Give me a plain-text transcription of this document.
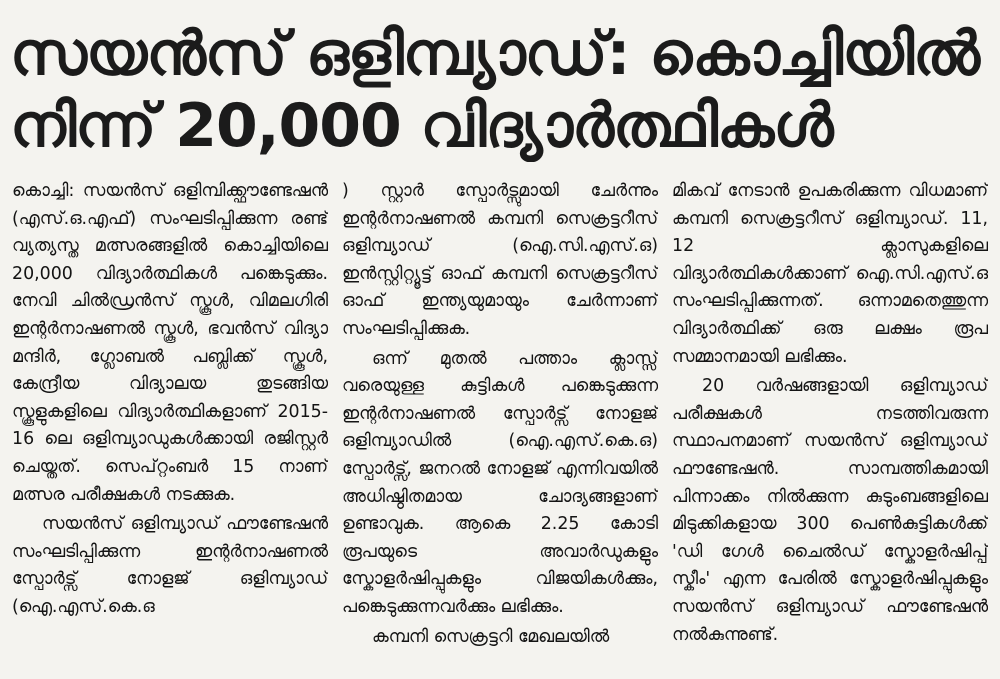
സയൻസ് ഒളിമ്പ്യാഡ്: കൊച്ചിയിൽ
നിന്ന് 20,000 വിദ്യാർത്ഥികൾ

കൊച്ചി: സയൻസ് ഒളിമ്പിക്ക്ഫൗണ്ടേഷൻ (എസ്.ഒ.എഫ്) സംഘടിപ്പിക്കുന്ന രണ്ട് വ്യത്യസ്ത മത്സരങ്ങളിൽ കൊച്ചിയിലെ 20,000 വിദ്യാർത്ഥികൾ പങ്കെടുക്കും. നേവി ചിൽഡ്രൻസ് സ്കൂൾ, വിമലഗിരി ഇന്റർനാഷണൽ സ്കൂൾ, ഭവൻസ് വിദ്യാ മന്ദിർ, ഗ്ലോബൽ പബ്ലിക്ക് സ്കൂൾ, കേന്ദ്രീയ വിദ്യാലയ തുടങ്ങിയ സ്കൂളുകളിലെ വിദ്യാർത്ഥികളാണ് 2015-16 ലെ ഒളിമ്പ്യാഡുകൾക്കായി രജിസ്റ്റർ ചെയ്തത്. സെപ്റ്റംബർ 15 നാണ് മത്സര പരീക്ഷകൾ നടക്കുക.

സയൻസ് ഒളിമ്പ്യാഡ് ഫൗണ്ടേഷൻ സംഘടിപ്പിക്കുന്ന ഇന്റർനാഷണൽ സ്പോർട്സ് നോളജ് ഒളിമ്പ്യാഡ് (ഐ.എസ്.കെ.ഒ

) സ്റ്റാർ സ്പോർട്സുമായി ചേർന്നും ഇന്റർനാഷണൽ കമ്പനി സെക്രട്ടറീസ് ഒളിമ്പ്യാഡ് (ഐ.സി.എസ്.ഒ) ഇൻസ്റ്റിറ്റ്യൂട്ട് ഓഫ് കമ്പനി സെക്രട്ടറീസ് ഓഫ് ഇന്ത്യയുമായും ചേർന്നാണ് സംഘടിപ്പിക്കുക.

ഒന്ന് മുതൽ പത്താം ക്ലാസ്സ് വരെയുള്ള കുട്ടികൾ പങ്കെടുക്കുന്ന ഇന്റർനാഷണൽ സ്പോർട്സ് നോളജ് ഒളിമ്പ്യാഡിൽ (ഐ.എസ്.കെ.ഒ) സ്പോർട്സ്, ജനറൽ നോളജ് എന്നിവയിൽ അധിഷ്ഠിതമായ ചോദ്യങ്ങളാണ് ഉണ്ടാവുക. ആകെ 2.25 കോടി രൂപയുടെ അവാർഡുകളും സ്കോളർഷിപ്പുകളും വിജയികൾക്കും, പങ്കെടുക്കുന്നവർക്കും ലഭിക്കും.

കമ്പനി സെക്രട്ടറി മേഖലയിൽ

മികവ് നേടാൻ ഉപകരിക്കുന്ന വിധമാണ് കമ്പനി സെക്രട്ടറീസ് ഒളിമ്പ്യാഡ്. 11, 12 ക്ലാസുകളിലെ വിദ്യാർത്ഥികൾക്കാണ് ഐ.സി.എസ്.ഒ സംഘടിപ്പിക്കുന്നത്. ഒന്നാമതെത്തുന്ന വിദ്യാർത്ഥിക്ക് ഒരു ലക്ഷം രൂപ സമ്മാനമായി ലഭിക്കും.

20 വർഷങ്ങളായി ഒളിമ്പ്യാഡ് പരീക്ഷകൾ നടത്തിവരുന്ന സ്ഥാപനമാണ് സയൻസ് ഒളിമ്പ്യാഡ് ഫൗണ്ടേഷൻ. സാമ്പത്തികമായി പിന്നാക്കം നിൽക്കുന്ന കുടുംബങ്ങളിലെ മിടുക്കികളായ 300 പെൺകുട്ടികൾക്ക് 'ഡി ഗേൾ ചൈൽഡ് സ്കോളർഷിപ്പ് സ്കീം' എന്ന പേരിൽ സ്കോളർഷിപ്പുകളും സയൻസ് ഒളിമ്പ്യാഡ് ഫൗണ്ടേഷൻ നൽകുന്നുണ്ട്.
